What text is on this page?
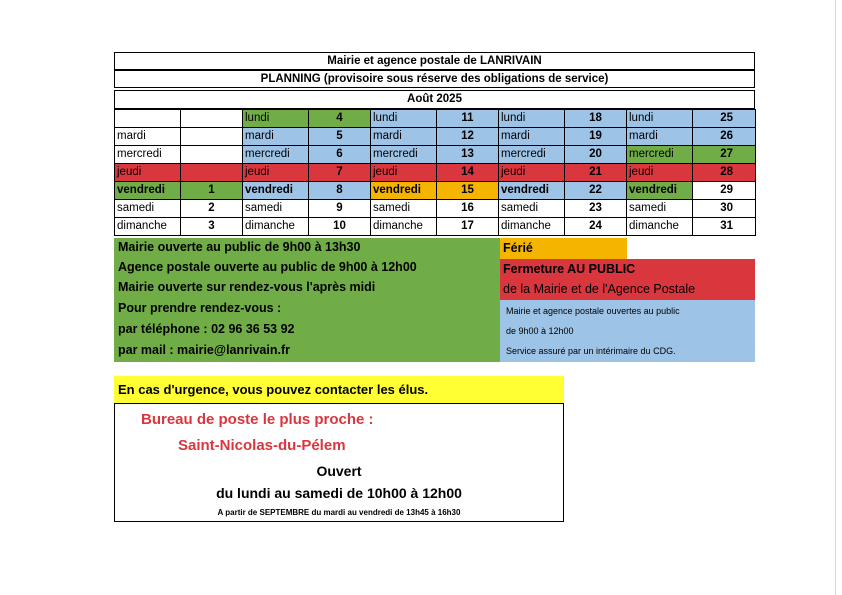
Mairie et agence postale de LANRIVAIN
PLANNING (provisoire sous réserve des obligations de service)
Août 2025
		lundi	4	lundi	11	lundi	18	lundi	25
mardi		mardi	5	mardi	12	mardi	19	mardi	26
mercredi		mercredi	6	mercredi	13	mercredi	20	mercredi	27
jeudi		jeudi	7	jeudi	14	jeudi	21	jeudi	28
vendredi	1	vendredi	8	vendredi	15	vendredi	22	vendredi	29
samedi	2	samedi	9	samedi	16	samedi	23	samedi	30
dimanche	3	dimanche	10	dimanche	17	dimanche	24	dimanche	31
Mairie ouverte au public de 9h00 à 13h30
Agence postale ouverte au public de 9h00 à 12h00
Mairie ouverte sur rendez-vous l'après midi
Pour prendre rendez-vous :
par téléphone : 02 96 36 53 92
par mail : mairie@lanrivain.fr
Férié
Fermeture AU PUBLIC
de la Mairie et de l'Agence Postale
Mairie et agence postale ouvertes au public
de 9h00 à 12h00
Service assuré par un intérimaire du CDG.
En cas d'urgence, vous pouvez contacter les élus.
Bureau de poste le plus proche :
Saint-Nicolas-du-Pélem
Ouvert
du lundi au samedi de 10h00 à 12h00
A partir de SEPTEMBRE du mardi au vendredi de 13h45 à 16h30
